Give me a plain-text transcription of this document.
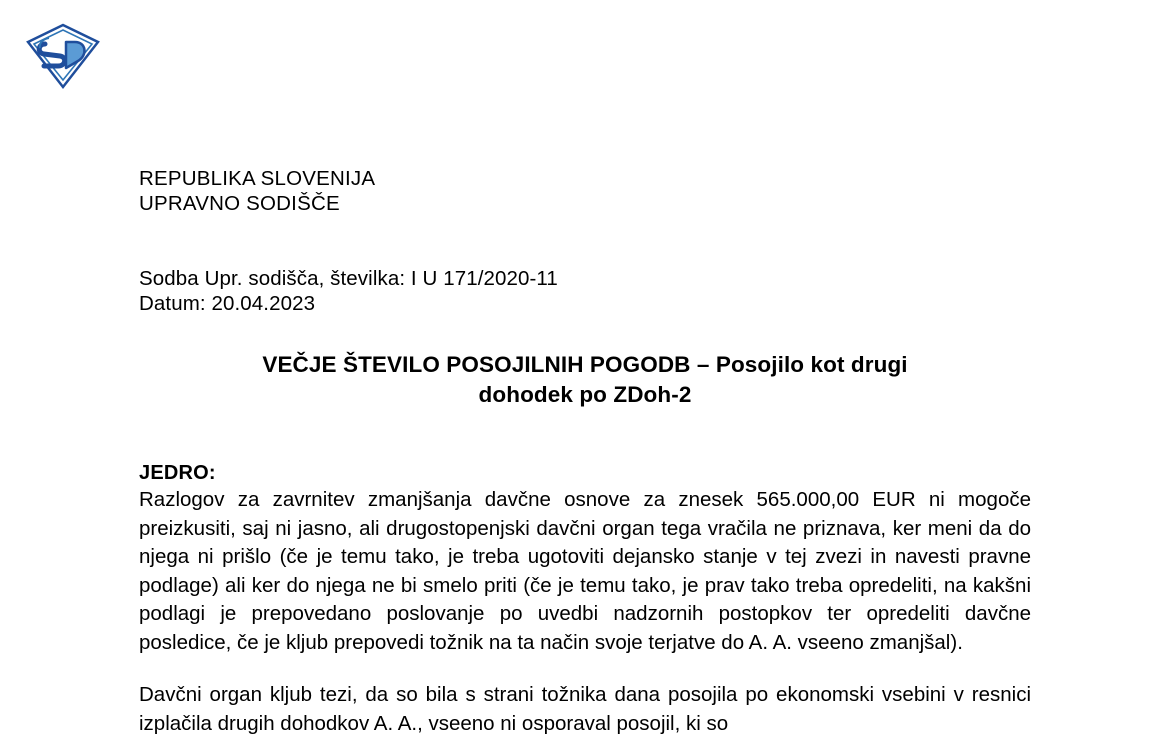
REPUBLIKA SLOVENIJA
UPRAVNO SODIŠČE
Sodba Upr. sodišča, številka: I U 171/2020-11
Datum: 20.04.2023
VEČJE ŠTEVILO POSOJILNIH POGODB – Posojilo kot drugi
dohodek po ZDoh-2
JEDRO:

Razlogov za zavrnitev zmanjšanja davčne osnove za znesek 565.000,00 EUR ni mogoče preizkusiti, saj ni jasno, ali drugostopenjski davčni organ tega vračila ne priznava, ker meni da do njega ni prišlo (če je temu tako, je treba ugotoviti dejansko stanje v tej zvezi in navesti pravne podlage) ali ker do njega ne bi smelo priti (če je temu tako, je prav tako treba opredeliti, na kakšni podlagi je prepovedano poslovanje po uvedbi nadzornih postopkov ter opredeliti davčne posledice, če je kljub prepovedi tožnik na ta način svoje terjatve do A. A. vseeno zmanjšal).

Davčni organ kljub tezi, da so bila s strani tožnika dana posojila po ekonomski vsebini v resnici izplačila drugih dohodkov A. A., vseeno ni osporaval posojil, ki so
